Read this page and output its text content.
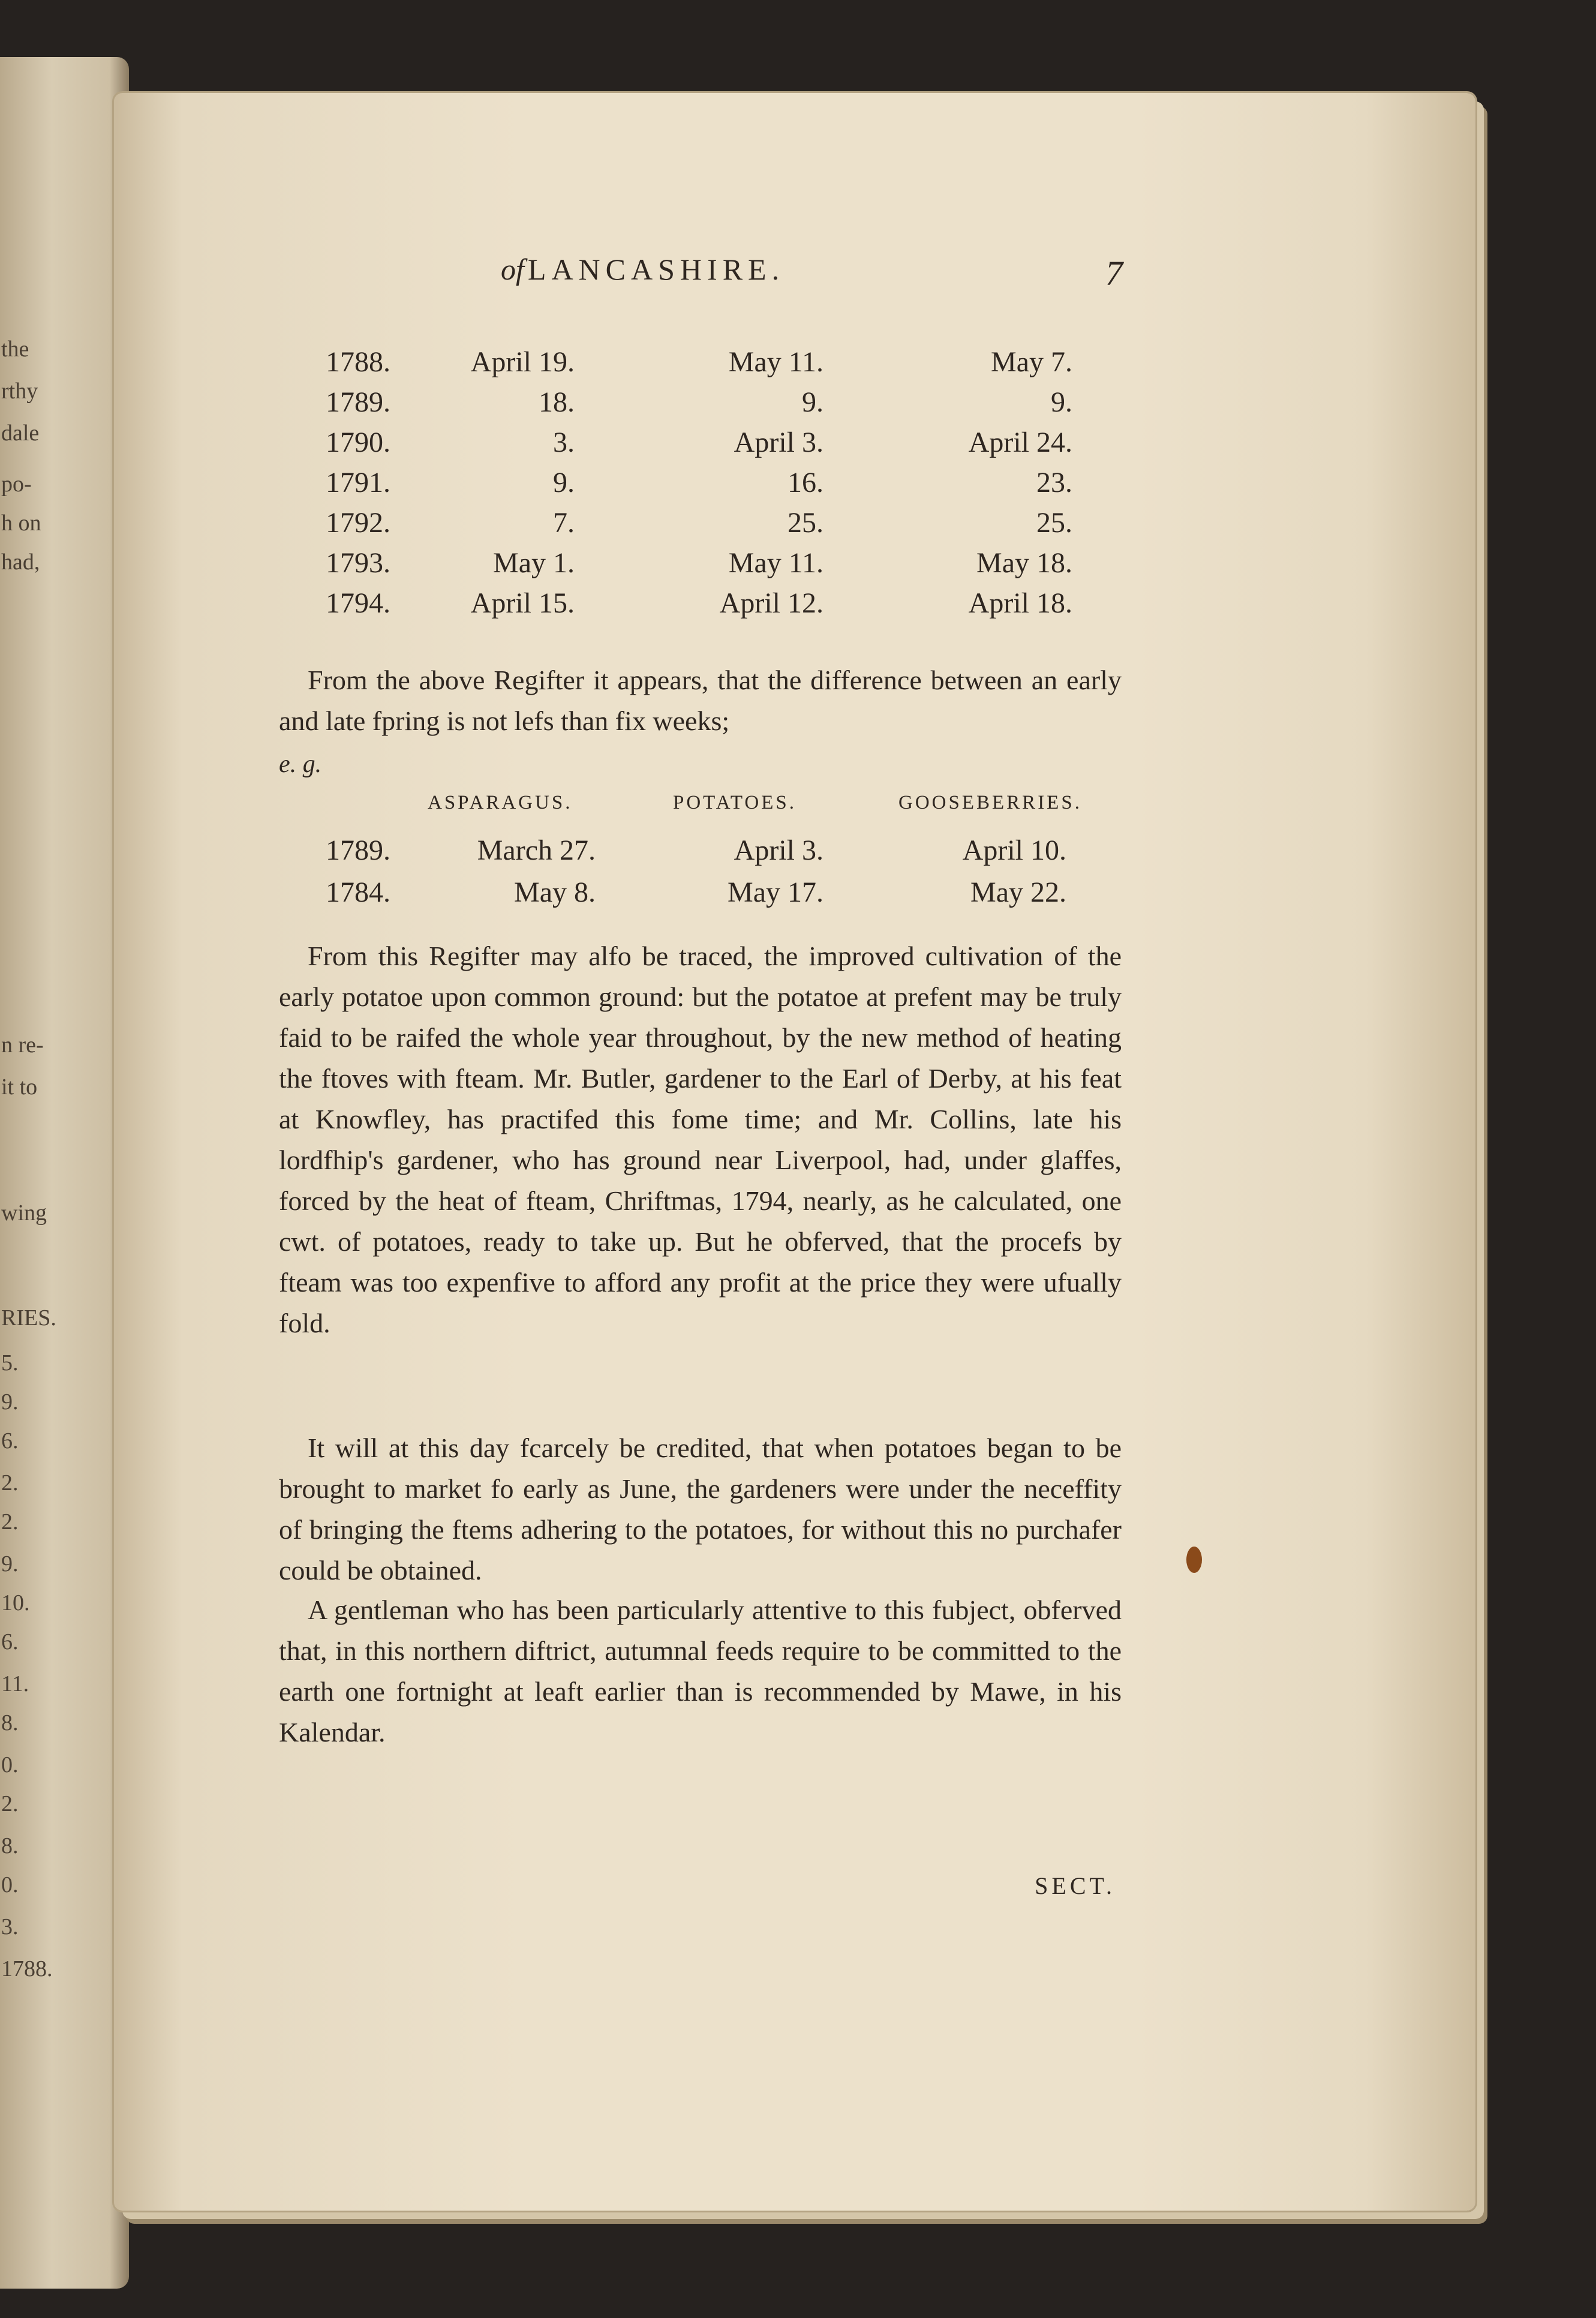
the
rthy
dale
po-
h on
had,
n re-
it to
wing
RIES.
5.
9.
6.
2.
2.
9.
10.
6.
11.
8.
0.
2.
8.
0.
3.
1788.
of LANCASHIRE.	7
1788.	April 19.	May 11.	May 7.
1789.	18.	9.	9.
1790.	3.	April 3.	April 24.
1791.	9.	16.	23.
1792.	7.	25.	25.
1793.	May 1.	May 11.	May 18.
1794.	April 15.	April 12.	April 18.
From the above Regifter it appears, that the difference between an early and late fpring is not lefs than fix weeks;
e. g.
ASPARAGUS.	POTATOES.	GOOSEBERRIES.
1789.	March 27.	April 3.	April 10.
1784.	May 8.	May 17.	May 22.
From this Regifter may alfo be traced, the improved cultivation of the early potatoe upon common ground: but the potatoe at prefent may be truly faid to be raifed the whole year throughout, by the new method of heating the ftoves with fteam. Mr. Butler, gardener to the Earl of Derby, at his feat at Knowfley, has practifed this fome time; and Mr. Collins, late his lordfhip's gardener, who has ground near Liverpool, had, under glaffes, forced by the heat of fteam, Chriftmas, 1794, nearly, as he calculated, one cwt. of potatoes, ready to take up. But he obferved, that the procefs by fteam was too expenfive to afford any profit at the price they were ufually fold.
It will at this day fcarcely be credited, that when potatoes began to be brought to market fo early as June, the gardeners were under the neceffity of bringing the ftems adhering to the potatoes, for without this no purchafer could be obtained.
A gentleman who has been particularly attentive to this fubject, obferved that, in this northern diftrict, autumnal feeds require to be committed to the earth one fortnight at leaft earlier than is recommended by Mawe, in his Kalendar.
SECT.
